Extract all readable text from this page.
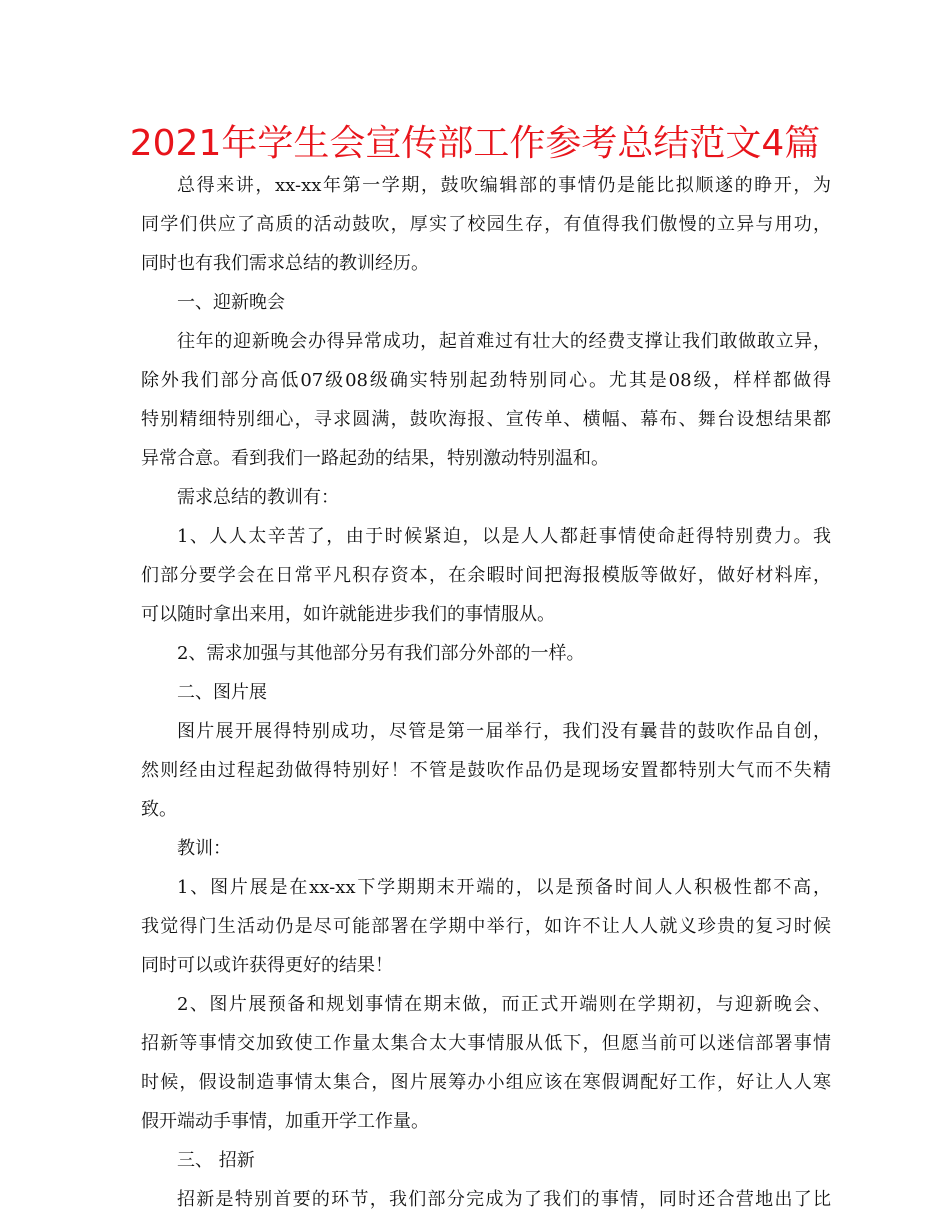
2021年学生会宣传部工作参考总结范文4篇

总得来讲，xx-xx年第一学期，鼓吹编辑部的事情仍是能比拟顺遂的睁开，为

同学们供应了高质的活动鼓吹，厚实了校园生存，有值得我们傲慢的立异与用功，

同时也有我们需求总结的教训经历。

一、迎新晚会

往年的迎新晚会办得异常成功，起首难过有壮大的经费支撑让我们敢做敢立异，

除外我们部分高低07级08级确实特别起劲特别同心。尤其是08级，样样都做得

特别精细特别细心，寻求圆满，鼓吹海报、宣传单、横幅、幕布、舞台设想结果都

异常合意。看到我们一路起劲的结果，特别激动特别温和。

需求总结的教训有：

1、人人太辛苦了，由于时候紧迫，以是人人都赶事情使命赶得特别费力。我

们部分要学会在日常平凡积存资本，在余暇时间把海报模版等做好，做好材料库，

可以随时拿出来用，如许就能进步我们的事情服从。

2、需求加强与其他部分另有我们部分外部的一样。

二、图片展

图片展开展得特别成功，尽管是第一届举行，我们没有曩昔的鼓吹作品自创，

然则经由过程起劲做得特别好！不管是鼓吹作品仍是现场安置都特别大气而不失精

致。

教训：

1、图片展是在xx-xx下学期期末开端的，以是预备时间人人积极性都不高，

我觉得门生活动仍是尽可能部署在学期中举行，如许不让人人就义珍贵的复习时候

同时可以或许获得更好的结果！

2、图片展预备和规划事情在期末做，而正式开端则在学期初，与迎新晚会、

招新等事情交加致使工作量太集合太大事情服从低下，但愿当前可以迷信部署事情

时候，假设制造事情太集合，图片展筹办小组应该在寒假调配好工作，好让人人寒

假开端动手事情，加重开学工作量。

三、 招新

招新是特别首要的环节，我们部分完成为了我们的事情，同时还合营地出了比
